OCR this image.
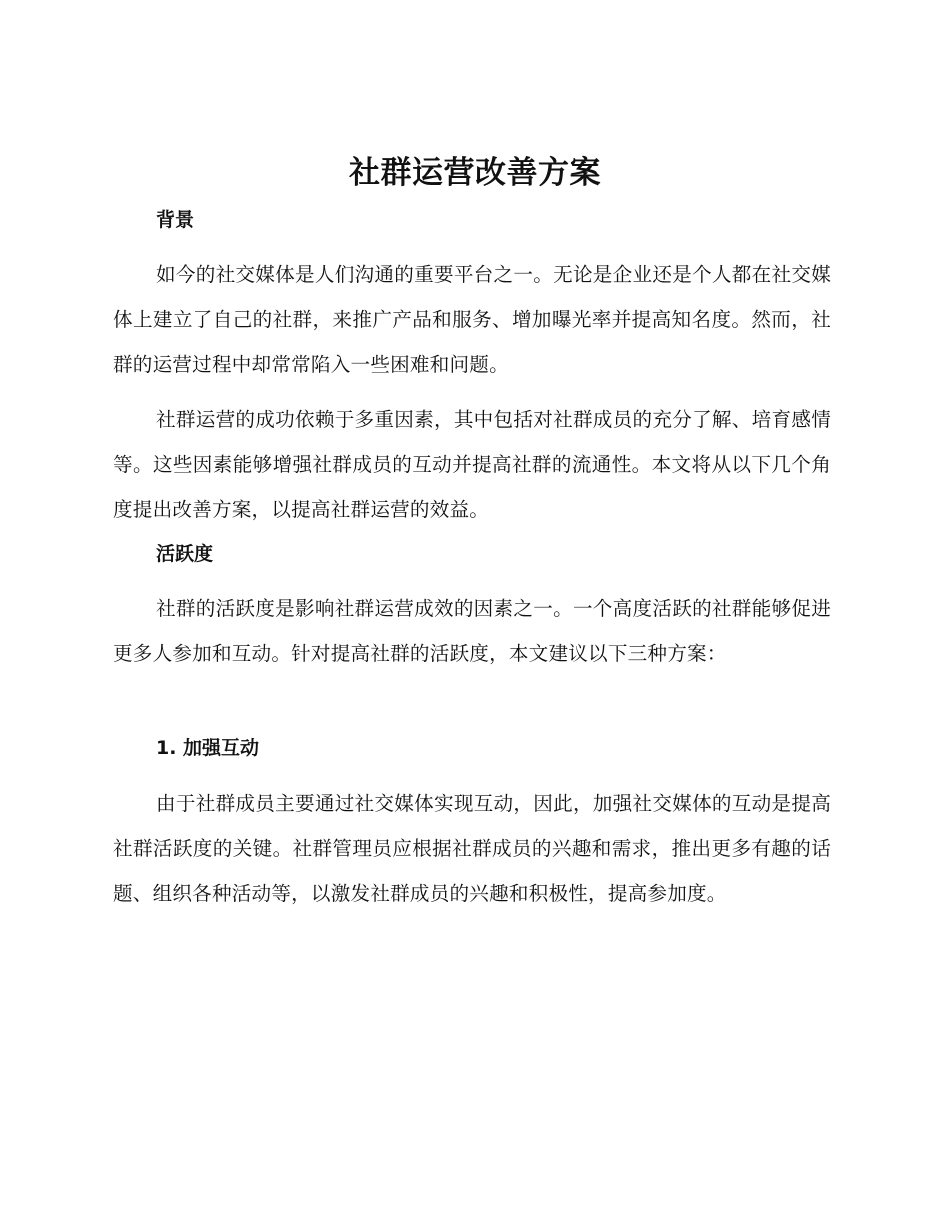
社群运营改善方案
背景

如今的社交媒体是人们沟通的重要平台之一。无论是企业还是个人都在社交媒体上建立了自己的社群，来推广产品和服务、增加曝光率并提高知名度。然而，社群的运营过程中却常常陷入一些困难和问题。

社群运营的成功依赖于多重因素，其中包括对社群成员的充分了解、培育感情等。这些因素能够增强社群成员的互动并提高社群的流通性。本文将从以下几个角度提出改善方案，以提高社群运营的效益。

活跃度

社群的活跃度是影响社群运营成效的因素之一。一个高度活跃的社群能够促进更多人参加和互动。针对提高社群的活跃度，本文建议以下三种方案：

1. 加强互动

由于社群成员主要通过社交媒体实现互动，因此，加强社交媒体的互动是提高社群活跃度的关键。社群管理员应根据社群成员的兴趣和需求，推出更多有趣的话题、组织各种活动等，以激发社群成员的兴趣和积极性，提高参加度。
